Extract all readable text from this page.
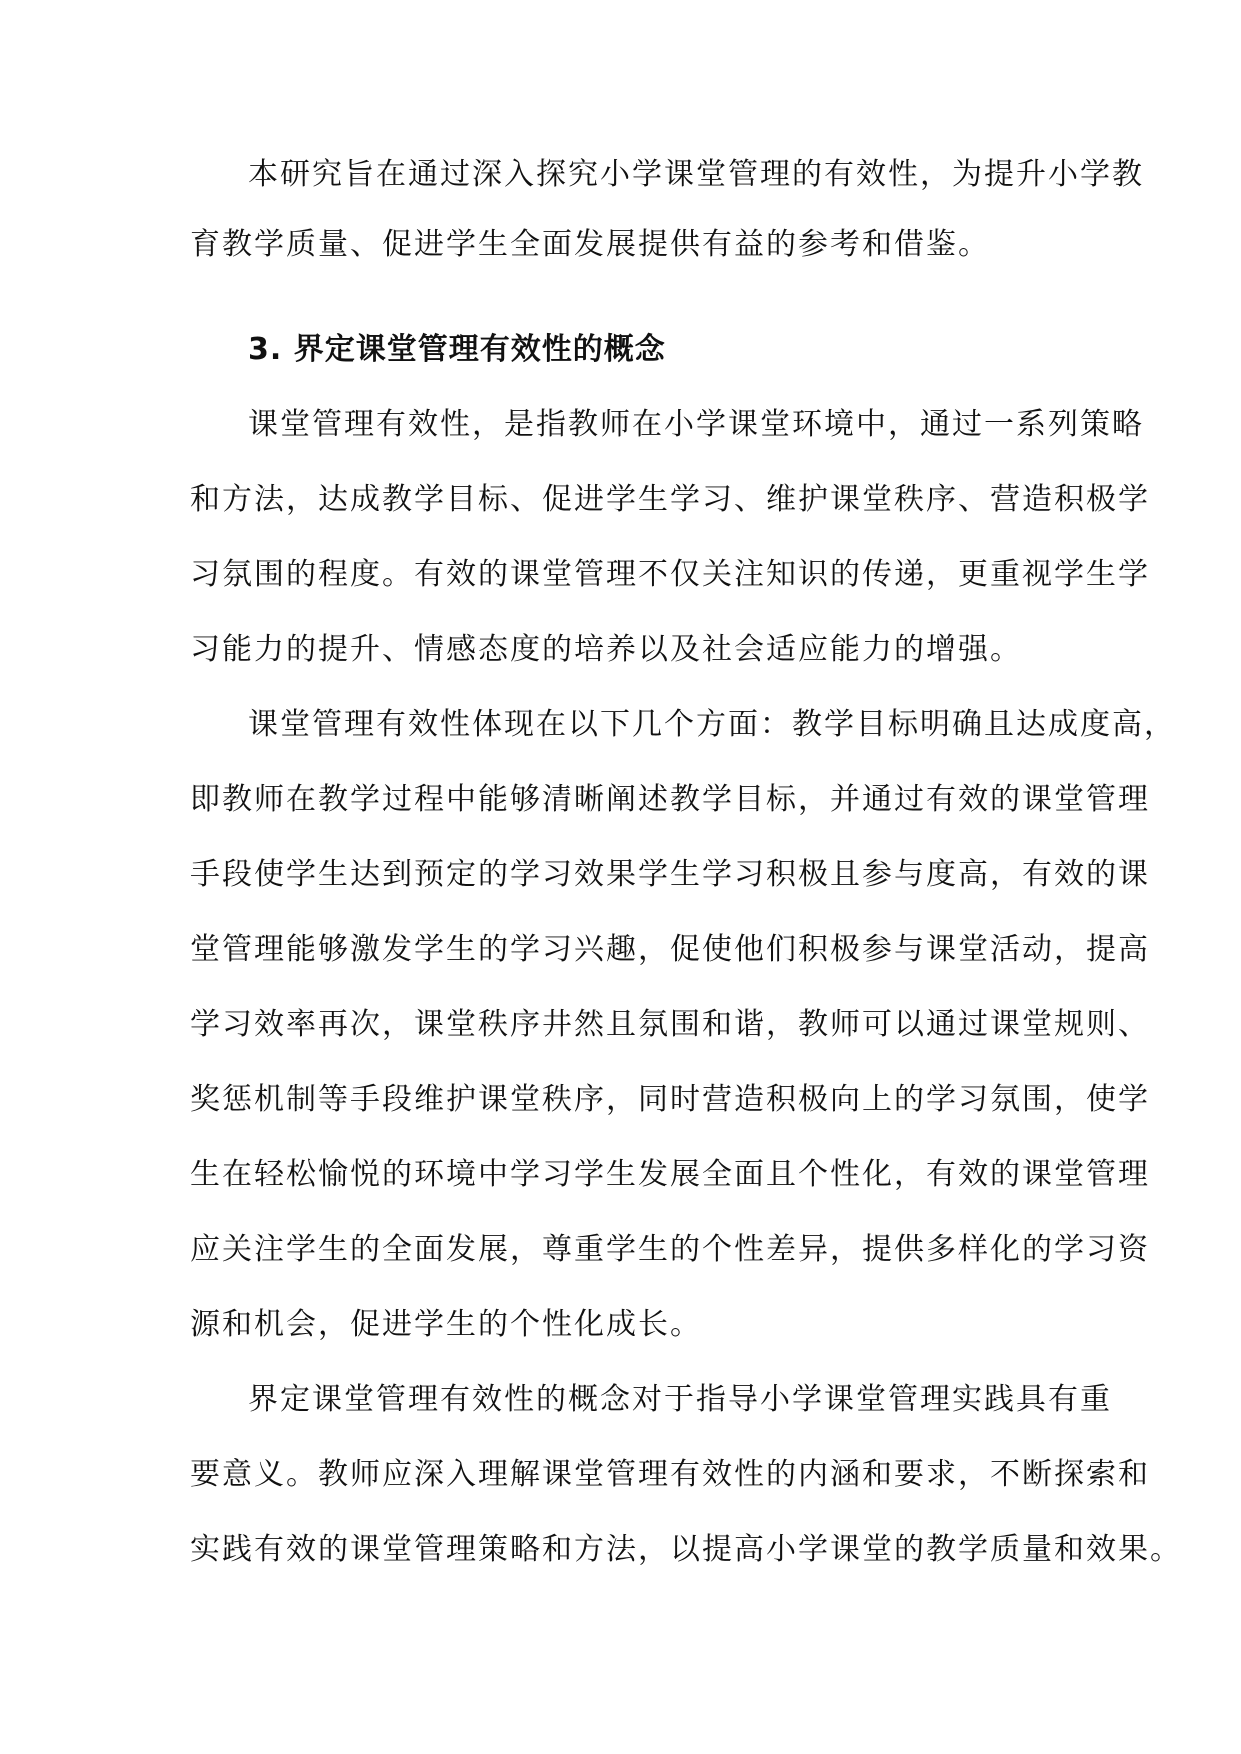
本研究旨在通过深入探究小学课堂管理的有效性，为提升小学教
育教学质量、促进学生全面发展提供有益的参考和借鉴。
3. 界定课堂管理有效性的概念
课堂管理有效性，是指教师在小学课堂环境中，通过一系列策略
和方法，达成教学目标、促进学生学习、维护课堂秩序、营造积极学
习氛围的程度。有效的课堂管理不仅关注知识的传递，更重视学生学
习能力的提升、情感态度的培养以及社会适应能力的增强。
课堂管理有效性体现在以下几个方面：教学目标明确且达成度高，
即教师在教学过程中能够清晰阐述教学目标，并通过有效的课堂管理
手段使学生达到预定的学习效果学生学习积极且参与度高，有效的课
堂管理能够激发学生的学习兴趣，促使他们积极参与课堂活动，提高
学习效率再次，课堂秩序井然且氛围和谐，教师可以通过课堂规则、
奖惩机制等手段维护课堂秩序，同时营造积极向上的学习氛围，使学
生在轻松愉悦的环境中学习学生发展全面且个性化，有效的课堂管理
应关注学生的全面发展，尊重学生的个性差异，提供多样化的学习资
源和机会，促进学生的个性化成长。
界定课堂管理有效性的概念对于指导小学课堂管理实践具有重
要意义。教师应深入理解课堂管理有效性的内涵和要求，不断探索和
实践有效的课堂管理策略和方法，以提高小学课堂的教学质量和效果。
